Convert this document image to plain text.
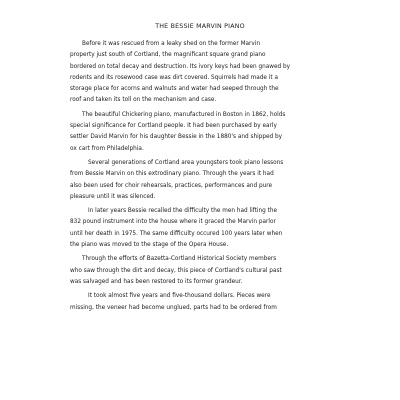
THE BESSIE MARVIN PIANO
Before it was rescued from a leaky shed on the former Marvin
property just south of Cortland, the magnificant square grand piano
bordered on total decay and destruction. Its ivory keys had been gnawed by
rodents and its rosewood case was dirt covered. Squirrels had made it a
storage place for acorns and walnuts and water had seeped through the
roof and taken its toll on the mechanism and case.
The beautiful Chickering piano, manufactured in Boston in 1862, holds
special significance for Cortland people. It had been purchased by early
settler David Marvin for his daughter Bessie in the 1880's and shipped by
ox cart from Philadelphia.
Several generations of Cortland area youngsters took piano lessons
from Bessie Marvin on this extrodinary piano. Through the years it had
also been used for choir rehearsals, practices, performances and pure
pleasure until it was silenced.
In later years Bessie recalled the difficulty the men had lifting the
832 pound instrument into the house where it graced the Marvin parlor
until her death in 1975. The same difficulty occured 100 years later when
the piano was moved to the stage of the Opera House.
Through the efforts of Bazetta-Cortland Historical Society members
who saw through the dirt and decay, this piece of Cortland's cultural past
was salvaged and has been restored to its former grandeur.
It took almost five years and five-thousand dollars. Pieces were
missing, the veneer had become unglued, parts had to be ordered from
